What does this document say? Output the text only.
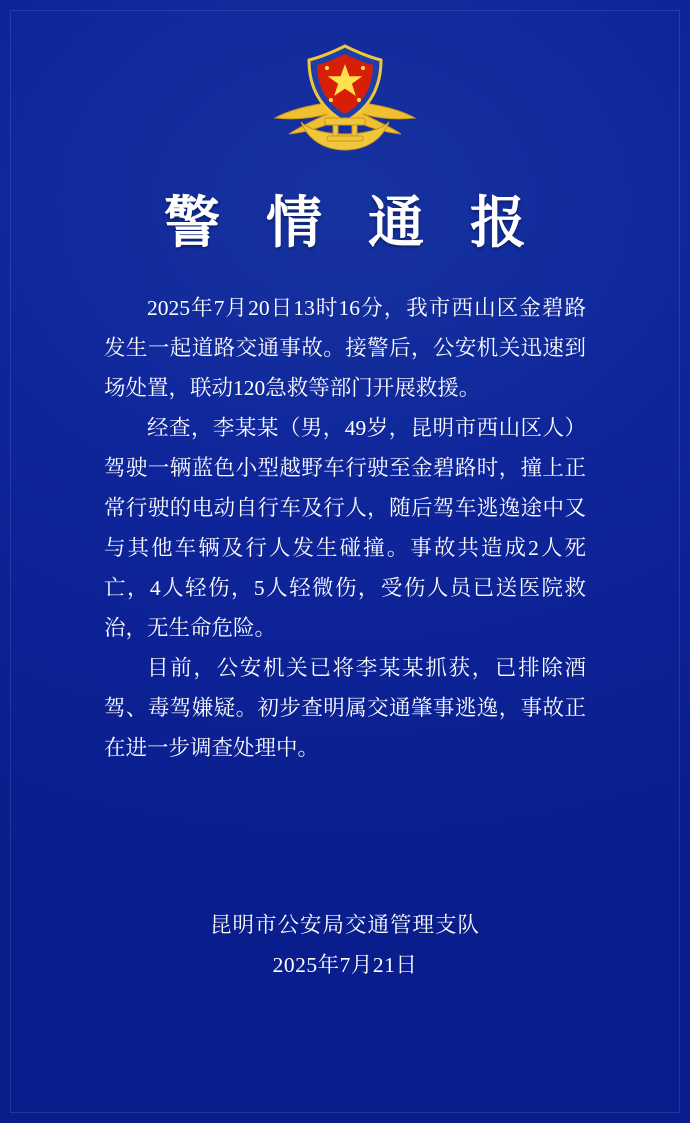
警 情 通 报

2025年7月20日13时16分，我市西山区金碧路发生一起道路交通事故。接警后，公安机关迅速到场处置，联动120急救等部门开展救援。

经查，李某某（男，49岁，昆明市西山区人）驾驶一辆蓝色小型越野车行驶至金碧路时，撞上正常行驶的电动自行车及行人，随后驾车逃逸途中又与其他车辆及行人发生碰撞。事故共造成2人死亡，4人轻伤，5人轻微伤，受伤人员已送医院救治，无生命危险。

目前，公安机关已将李某某抓获，已排除酒驾、毒驾嫌疑。初步查明属交通肇事逃逸，事故正在进一步调查处理中。

昆明市公安局交通管理支队
2025年7月21日
